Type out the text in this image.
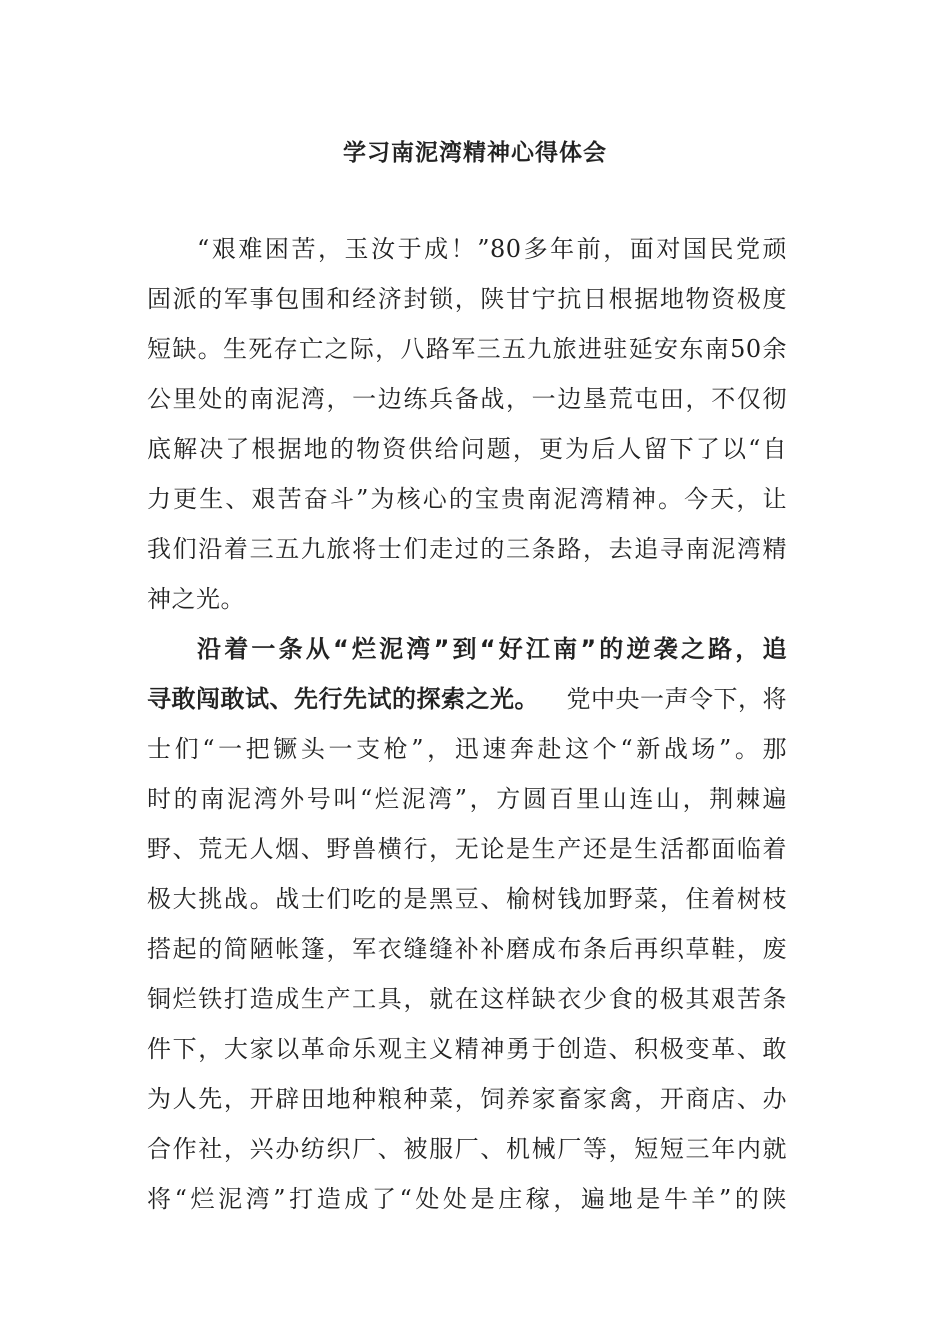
学习南泥湾精神心得体会
“艰难困苦，玉汝于成！”80多年前，面对国民党顽
固派的军事包围和经济封锁，陕甘宁抗日根据地物资极度
短缺。生死存亡之际，八路军三五九旅进驻延安东南50余
公里处的南泥湾，一边练兵备战，一边垦荒屯田，不仅彻
底解决了根据地的物资供给问题，更为后人留下了以“自
力更生、艰苦奋斗”为核心的宝贵南泥湾精神。今天，让
我们沿着三五九旅将士们走过的三条路，去追寻南泥湾精
神之光。
沿着一条从“烂泥湾”到“好江南”的逆袭之路，追
寻敢闯敢试、先行先试的探索之光。 党中央一声令下，将
士们“一把镢头一支枪”，迅速奔赴这个“新战场”。那
时的南泥湾外号叫“烂泥湾”，方圆百里山连山，荆棘遍
野、荒无人烟、野兽横行，无论是生产还是生活都面临着
极大挑战。战士们吃的是黑豆、榆树钱加野菜，住着树枝
搭起的简陋帐篷，军衣缝缝补补磨成布条后再织草鞋，废
铜烂铁打造成生产工具，就在这样缺衣少食的极其艰苦条
件下，大家以革命乐观主义精神勇于创造、积极变革、敢
为人先，开辟田地种粮种菜，饲养家畜家禽，开商店、办
合作社，兴办纺织厂、被服厂、机械厂等，短短三年内就
将“烂泥湾”打造成了“处处是庄稼，遍地是牛羊”的陕
